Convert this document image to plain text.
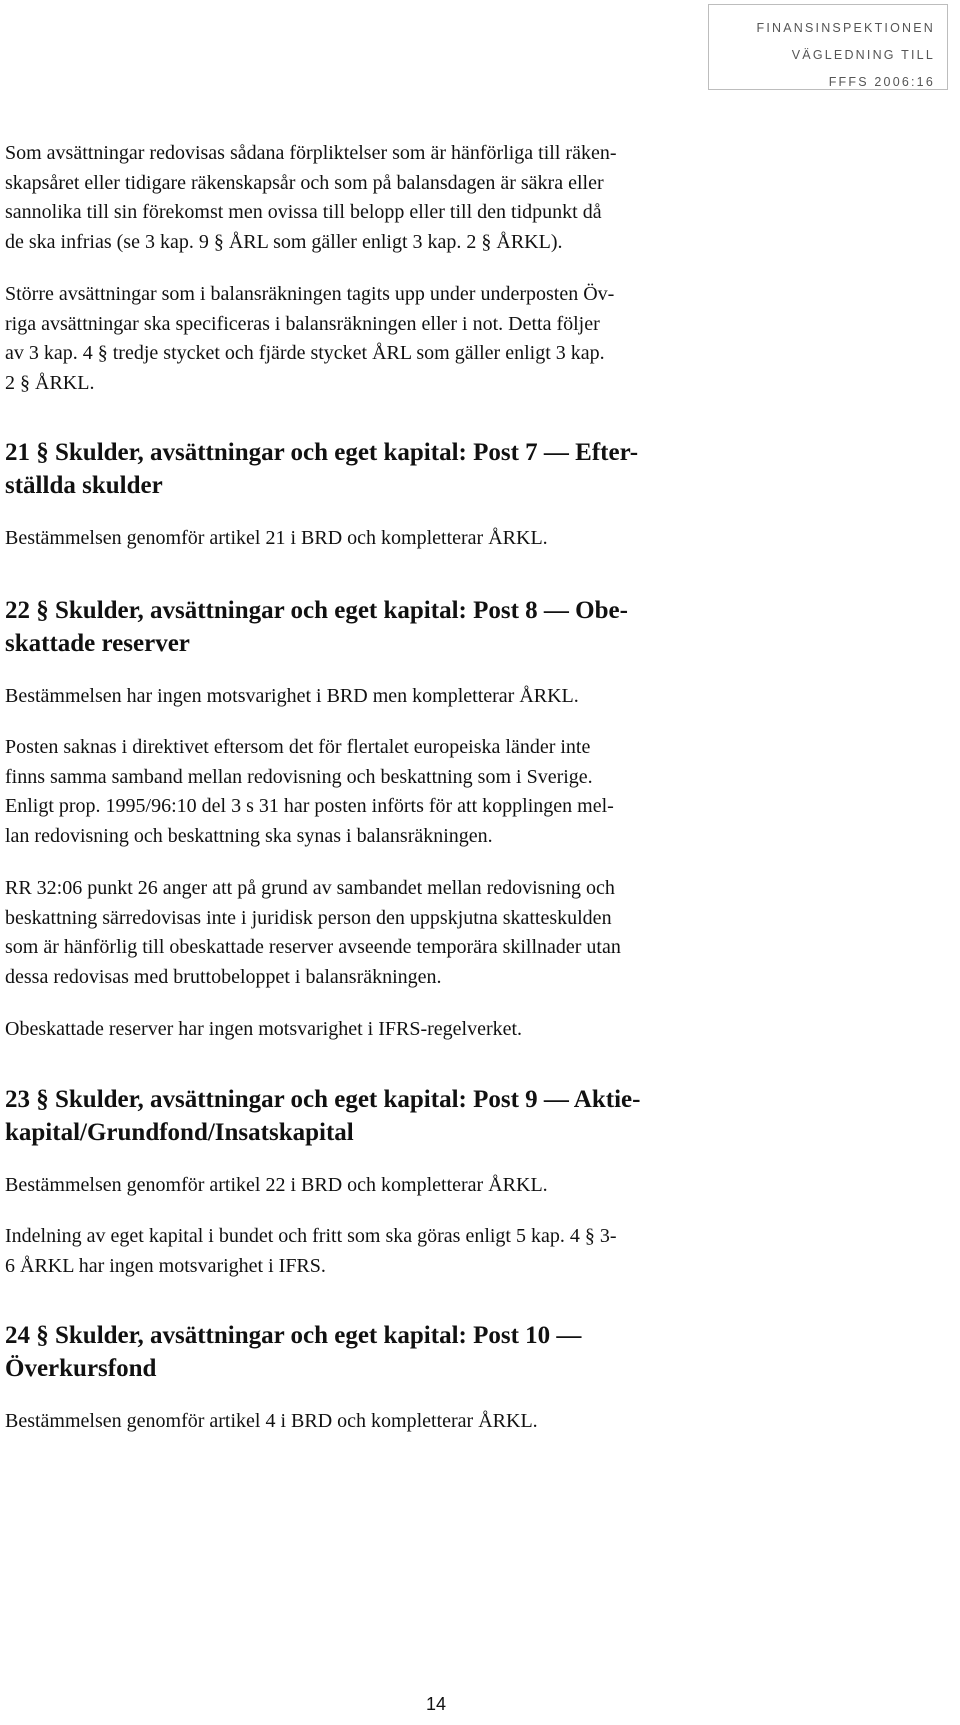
FINANSINSPEKTIONEN
VÄGLEDNING TILL
FFFS 2006:16

Som avsättningar redovisas sådana förpliktelser som är hänförliga till räken-
skapsåret eller tidigare räkenskapsår och som på balansdagen är säkra eller
sannolika till sin förekomst men ovissa till belopp eller till den tidpunkt då
de ska infrias (se 3 kap. 9 § ÅRL som gäller enligt 3 kap. 2 § ÅRKL).

Större avsättningar som i balansräkningen tagits upp under underposten Öv-
riga avsättningar ska specificeras i balansräkningen eller i not. Detta följer
av 3 kap. 4 § tredje stycket och fjärde stycket ÅRL som gäller enligt 3 kap.
2 § ÅRKL.

21 § Skulder, avsättningar och eget kapital: Post 7 — Efter-
ställda skulder

Bestämmelsen genomför artikel 21 i BRD och kompletterar ÅRKL.

22 § Skulder, avsättningar och eget kapital: Post 8 — Obe-
skattade reserver

Bestämmelsen har ingen motsvarighet i BRD men kompletterar ÅRKL.

Posten saknas i direktivet eftersom det för flertalet europeiska länder inte
finns samma samband mellan redovisning och beskattning som i Sverige.
Enligt prop. 1995/96:10 del 3 s 31 har posten införts för att kopplingen mel-
lan redovisning och beskattning ska synas i balansräkningen.

RR 32:06 punkt 26 anger att på grund av sambandet mellan redovisning och
beskattning särredovisas inte i juridisk person den uppskjutna skatteskulden
som är hänförlig till obeskattade reserver avseende temporära skillnader utan
dessa redovisas med bruttobeloppet i balansräkningen.

Obeskattade reserver har ingen motsvarighet i IFRS-regelverket.

23 § Skulder, avsättningar och eget kapital: Post 9 — Aktie-
kapital/Grundfond/Insatskapital

Bestämmelsen genomför artikel 22 i BRD och kompletterar ÅRKL.

Indelning av eget kapital i bundet och fritt som ska göras enligt 5 kap. 4 § 3-
6 ÅRKL har ingen motsvarighet i IFRS.

24 § Skulder, avsättningar och eget kapital: Post 10 —
Överkursfond

Bestämmelsen genomför artikel 4 i BRD och kompletterar ÅRKL.

14
